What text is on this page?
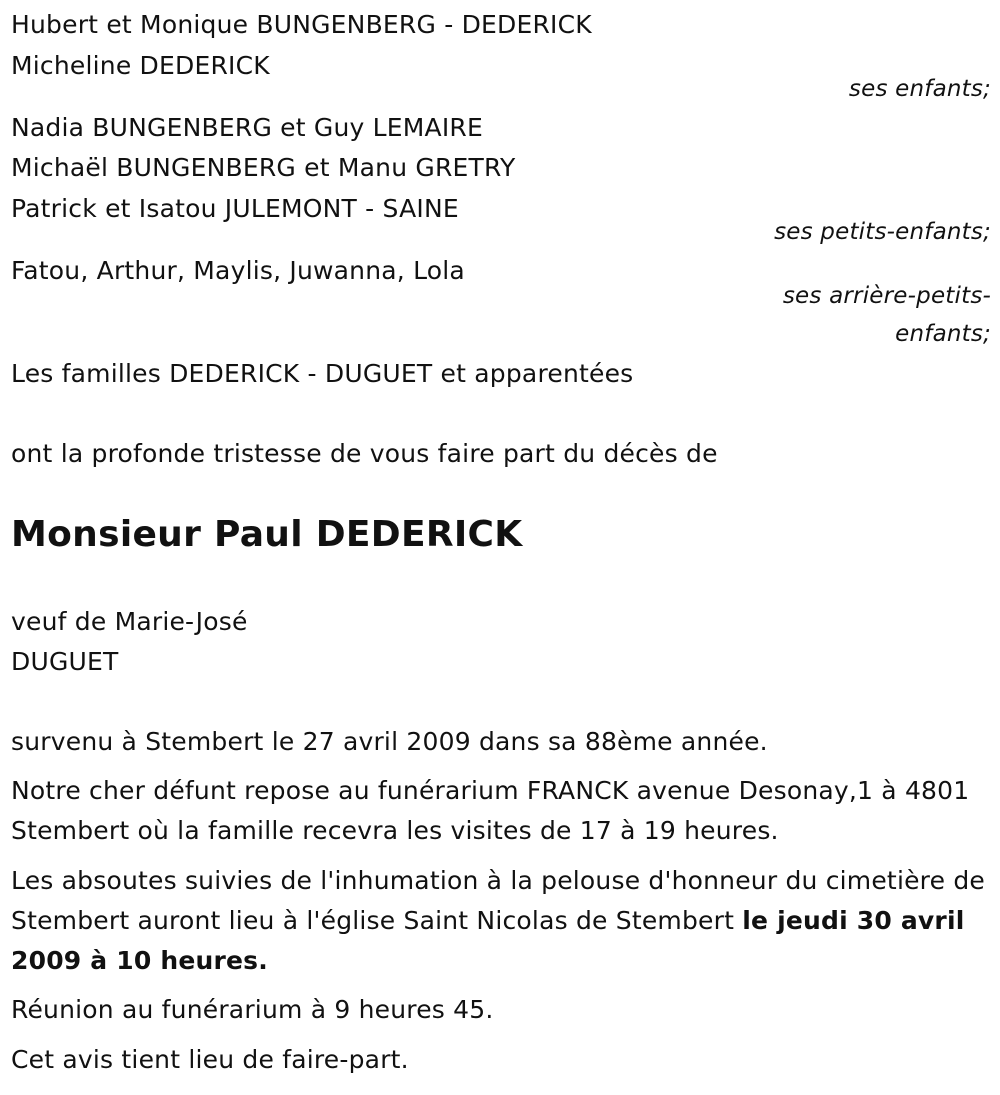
Hubert et Monique BUNGENBERG - DEDERICK
Micheline DEDERICK
ses enfants;
Nadia BUNGENBERG et Guy LEMAIRE
Michaël BUNGENBERG et Manu GRETRY
Patrick et Isatou JULEMONT - SAINE
ses petits-enfants;
Fatou, Arthur, Maylis, Juwanna, Lola
ses arrière-petits-
enfants;
Les familles DEDERICK - DUGUET et apparentées
ont la profonde tristesse de vous faire part du décès de
Monsieur Paul DEDERICK
veuf de Marie-José
DUGUET
survenu à Stembert le 27 avril 2009 dans sa 88ème année.
Notre cher défunt repose au funérarium FRANCK avenue Desonay,1 à 4801 Stembert où la famille recevra les visites de 17 à 19 heures.
Les absoutes suivies de l'inhumation à la pelouse d'honneur du cimetière de Stembert auront lieu à l'église Saint Nicolas de Stembert le jeudi 30 avril 2009 à 10 heures.
Réunion au funérarium à 9 heures 45.
Cet avis tient lieu de faire-part.
